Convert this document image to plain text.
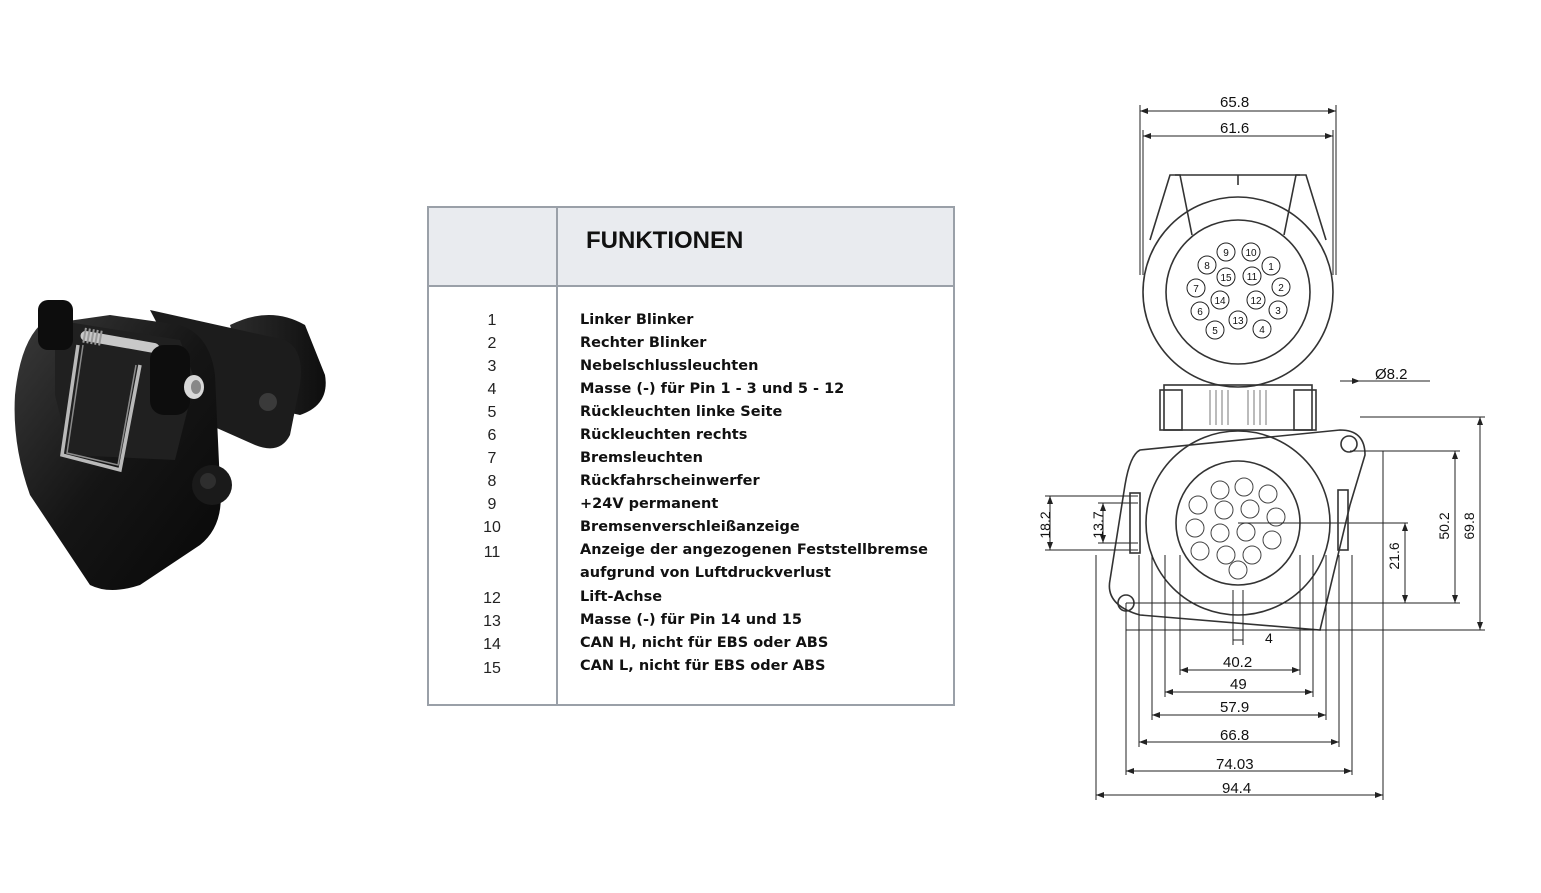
FUNKTIONEN
1	Linker Blinker
2	Rechter Blinker
3	Nebelschlussleuchten
4	Masse (-) für Pin 1 - 3 und 5 - 12
5	Rückleuchten linke Seite
6	Rückleuchten rechts
7	Bremsleuchten
8	Rückfahrscheinwerfer
9	+24V permanent
10	Bremsenverschleißanzeige
11	Anzeige der angezogenen Feststellbremse
aufgrund von Luftdruckverlust
12	Lift-Achse
13	Masse (-) für Pin 14 und 15
14	CAN H, nicht für EBS oder ABS
15	CAN L, nicht für EBS oder ABS
65.8
61.6
9 10
8	1
15 11
7	2
14 12
6	3
13
5	4
Ø8.2
18.2	13.7
21.6
50.2 69.8
4
40.2
49
57.9
66.8
74.03
94.4
